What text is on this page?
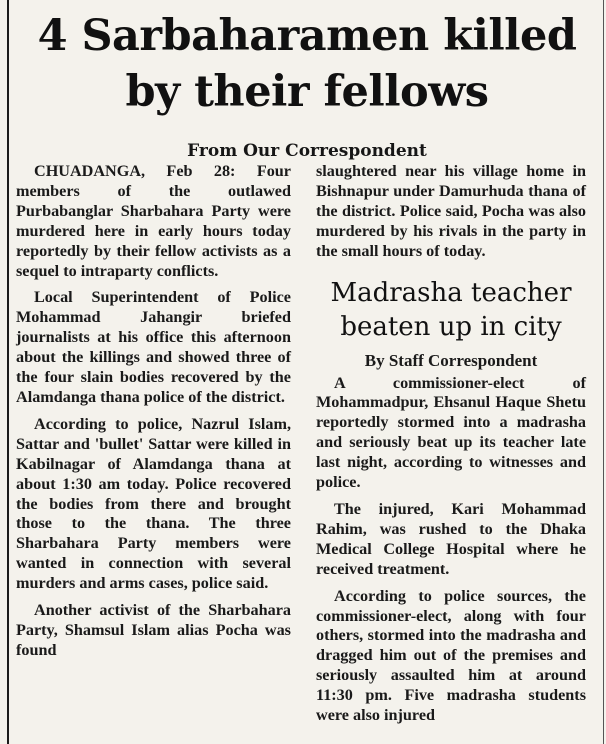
4 Sarbaharamen killed by their fellows
From Our Correspondent

CHUADANGA, Feb 28: Four members of the outlawed Purbabanglar Sharbahara Party were murdered here in early hours today reportedly by their fellow activists as a sequel to intraparty conflicts.

Local Superintendent of Police Mohammad Jahangir briefed journalists at his office this afternoon about the killings and showed three of the four slain bodies recovered by the Alamdanga thana police of the district.

According to police, Nazrul Islam, Sattar and 'bullet' Sattar were killed in Kabilnagar of Alamdanga thana at about 1:30 am today. Police recovered the bodies from there and brought those to the thana. The three Sharbahara Party members were wanted in connection with several murders and arms cases, police said.

Another activist of the Sharbahara Party, Shamsul Islam alias Pocha was found

slaughtered near his village home in Bishnapur under Damurhuda thana of the district. Police said, Pocha was also murdered by his rivals in the party in the small hours of today.

Madrasha teacher beaten up in city
By Staff Correspondent

A commissioner-elect of Mohammadpur, Ehsanul Haque Shetu reportedly stormed into a madrasha and seriously beat up its teacher late last night, according to witnesses and police.

The injured, Kari Mohammad Rahim, was rushed to the Dhaka Medical College Hospital where he received treatment.

According to police sources, the commissioner-elect, along with four others, stormed into the madrasha and dragged him out of the premises and seriously assaulted him at around 11:30 pm. Five madrasha students were also injured
